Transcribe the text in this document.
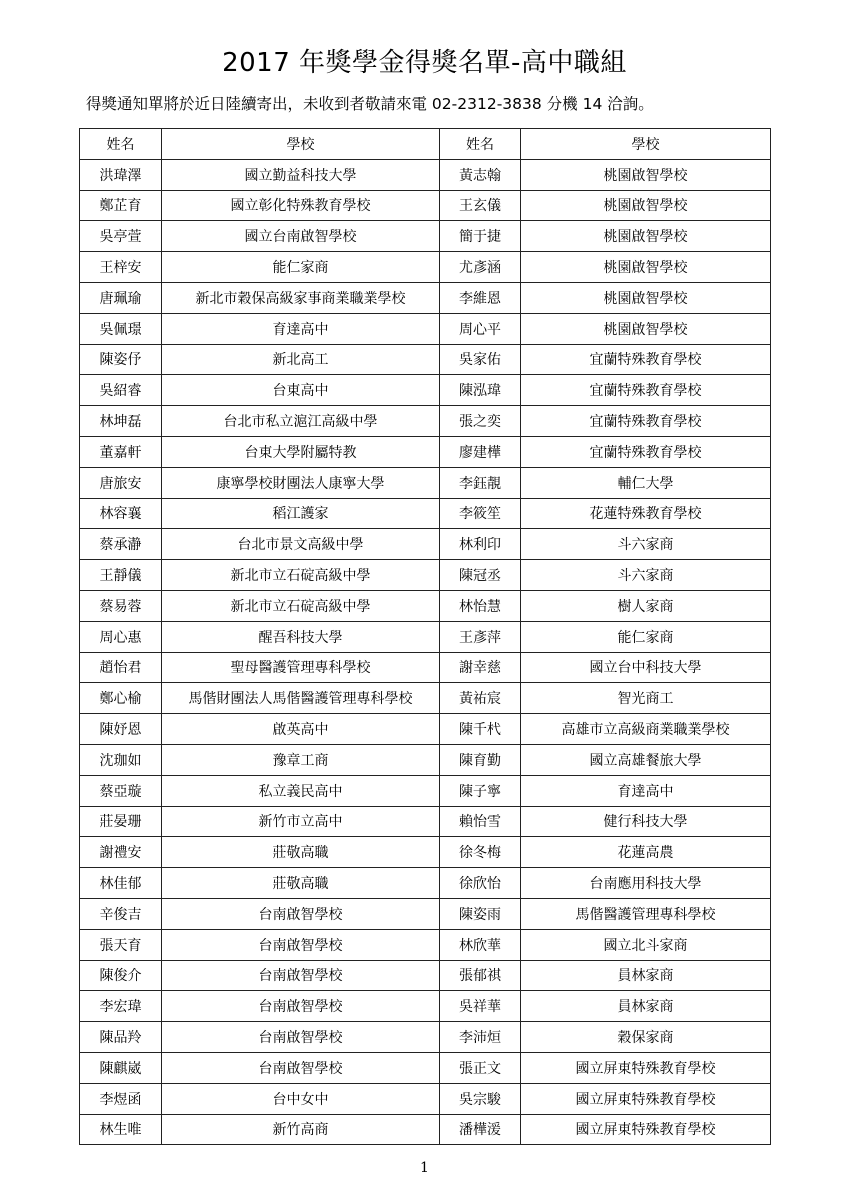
2017 年獎學金得獎名單-高中職組
得獎通知單將於近日陸續寄出，未收到者敬請來電 02-2312-3838 分機 14 洽詢。
姓名	學校	姓名	學校
洪瑋澤	國立勤益科技大學	黃志翰	桃園啟智學校
鄭芷育	國立彰化特殊教育學校	王玄儀	桃園啟智學校
吳亭萱	國立台南啟智學校	簡于捷	桃園啟智學校
王梓安	能仁家商	尤彥涵	桃園啟智學校
唐珮瑜	新北市穀保高級家事商業職業學校	李維恩	桃園啟智學校
吳佩璟	育達高中	周心平	桃園啟智學校
陳姿伃	新北高工	吳家佑	宜蘭特殊教育學校
吳紹睿	台東高中	陳泓瑋	宜蘭特殊教育學校
林坤磊	台北市私立滬江高級中學	張之奕	宜蘭特殊教育學校
董嘉軒	台東大學附屬特教	廖建樺	宜蘭特殊教育學校
唐旅安	康寧學校財團法人康寧大學	李鈺靚	輔仁大學
林容襄	稻江護家	李筱笙	花蓮特殊教育學校
蔡承瀞	台北市景文高級中學	林利印	斗六家商
王靜儀	新北市立石碇高級中學	陳冠丞	斗六家商
蔡易蓉	新北市立石碇高級中學	林怡慧	樹人家商
周心惠	醒吾科技大學	王彥萍	能仁家商
趙怡君	聖母醫護管理專科學校	謝幸慈	國立台中科技大學
鄭心榆	馬偕財團法人馬偕醫護管理專科學校	黃祐宸	智光商工
陳妤恩	啟英高中	陳千杙	高雄市立高級商業職業學校
沈珈如	豫章工商	陳育勤	國立高雄餐旅大學
蔡亞璇	私立義民高中	陳子寧	育達高中
莊晏珊	新竹市立高中	賴怡雪	健行科技大學
謝禮安	莊敬高職	徐冬梅	花蓮高農
林佳郁	莊敬高職	徐欣怡	台南應用科技大學
辛俊吉	台南啟智學校	陳姿雨	馬偕醫護管理專科學校
張天育	台南啟智學校	林欣華	國立北斗家商
陳俊介	台南啟智學校	張郁祺	員林家商
李宏瑋	台南啟智學校	吳祥華	員林家商
陳品羚	台南啟智學校	李沛烜	穀保家商
陳麒崴	台南啟智學校	張正文	國立屏東特殊教育學校
李煜函	台中女中	吳宗駿	國立屏東特殊教育學校
林生唯	新竹高商	潘樺湲	國立屏東特殊教育學校
1
